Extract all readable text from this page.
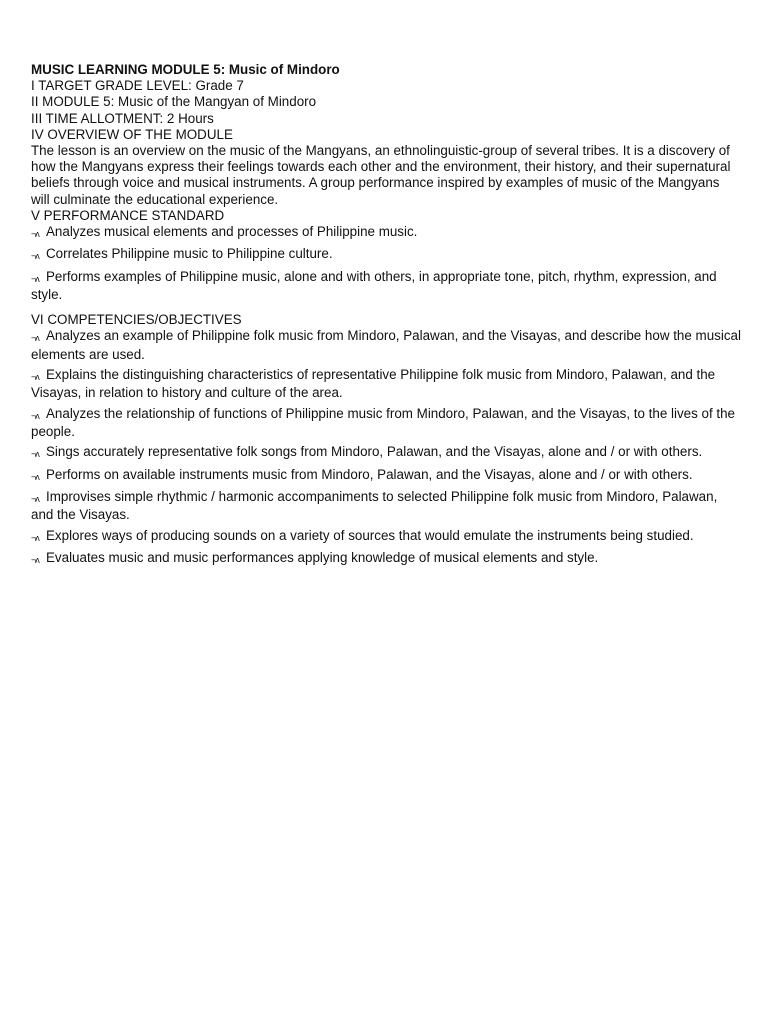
MUSIC LEARNING MODULE 5: Music of Mindoro
I TARGET GRADE LEVEL: Grade 7
II MODULE 5: Music of the Mangyan of Mindoro
III TIME ALLOTMENT: 2 Hours
IV OVERVIEW OF THE MODULE
The lesson is an overview on the music of the Mangyans, an ethnolinguistic-group of several tribes. It is a discovery of how the Mangyans express their feelings towards each other and the environment, their history, and their supernatural beliefs through voice and musical instruments. A group performance inspired by examples of music of the Mangyans will culminate the educational experience.
V PERFORMANCE STANDARD
¬ʌ Analyzes musical elements and processes of Philippine music.
¬ʌ Correlates Philippine music to Philippine culture.
¬ʌ Performs examples of Philippine music, alone and with others, in appropriate tone, pitch, rhythm, expression, and style.
VI COMPETENCIES/OBJECTIVES
¬ʌ Analyzes an example of Philippine folk music from Mindoro, Palawan, and the Visayas, and describe how the musical elements are used.
¬ʌ Explains the distinguishing characteristics of representative Philippine folk music from Mindoro, Palawan, and the Visayas, in relation to history and culture of the area.
¬ʌ Analyzes the relationship of functions of Philippine music from Mindoro, Palawan, and the Visayas, to the lives of the people.
¬ʌ Sings accurately representative folk songs from Mindoro, Palawan, and the Visayas, alone and / or with others.
¬ʌ Performs on available instruments music from Mindoro, Palawan, and the Visayas, alone and / or with others.
¬ʌ Improvises simple rhythmic / harmonic accompaniments to selected Philippine folk music from Mindoro, Palawan, and the Visayas.
¬ʌ Explores ways of producing sounds on a variety of sources that would emulate the instruments being studied.
¬ʌ Evaluates music and music performances applying knowledge of musical elements and style.
